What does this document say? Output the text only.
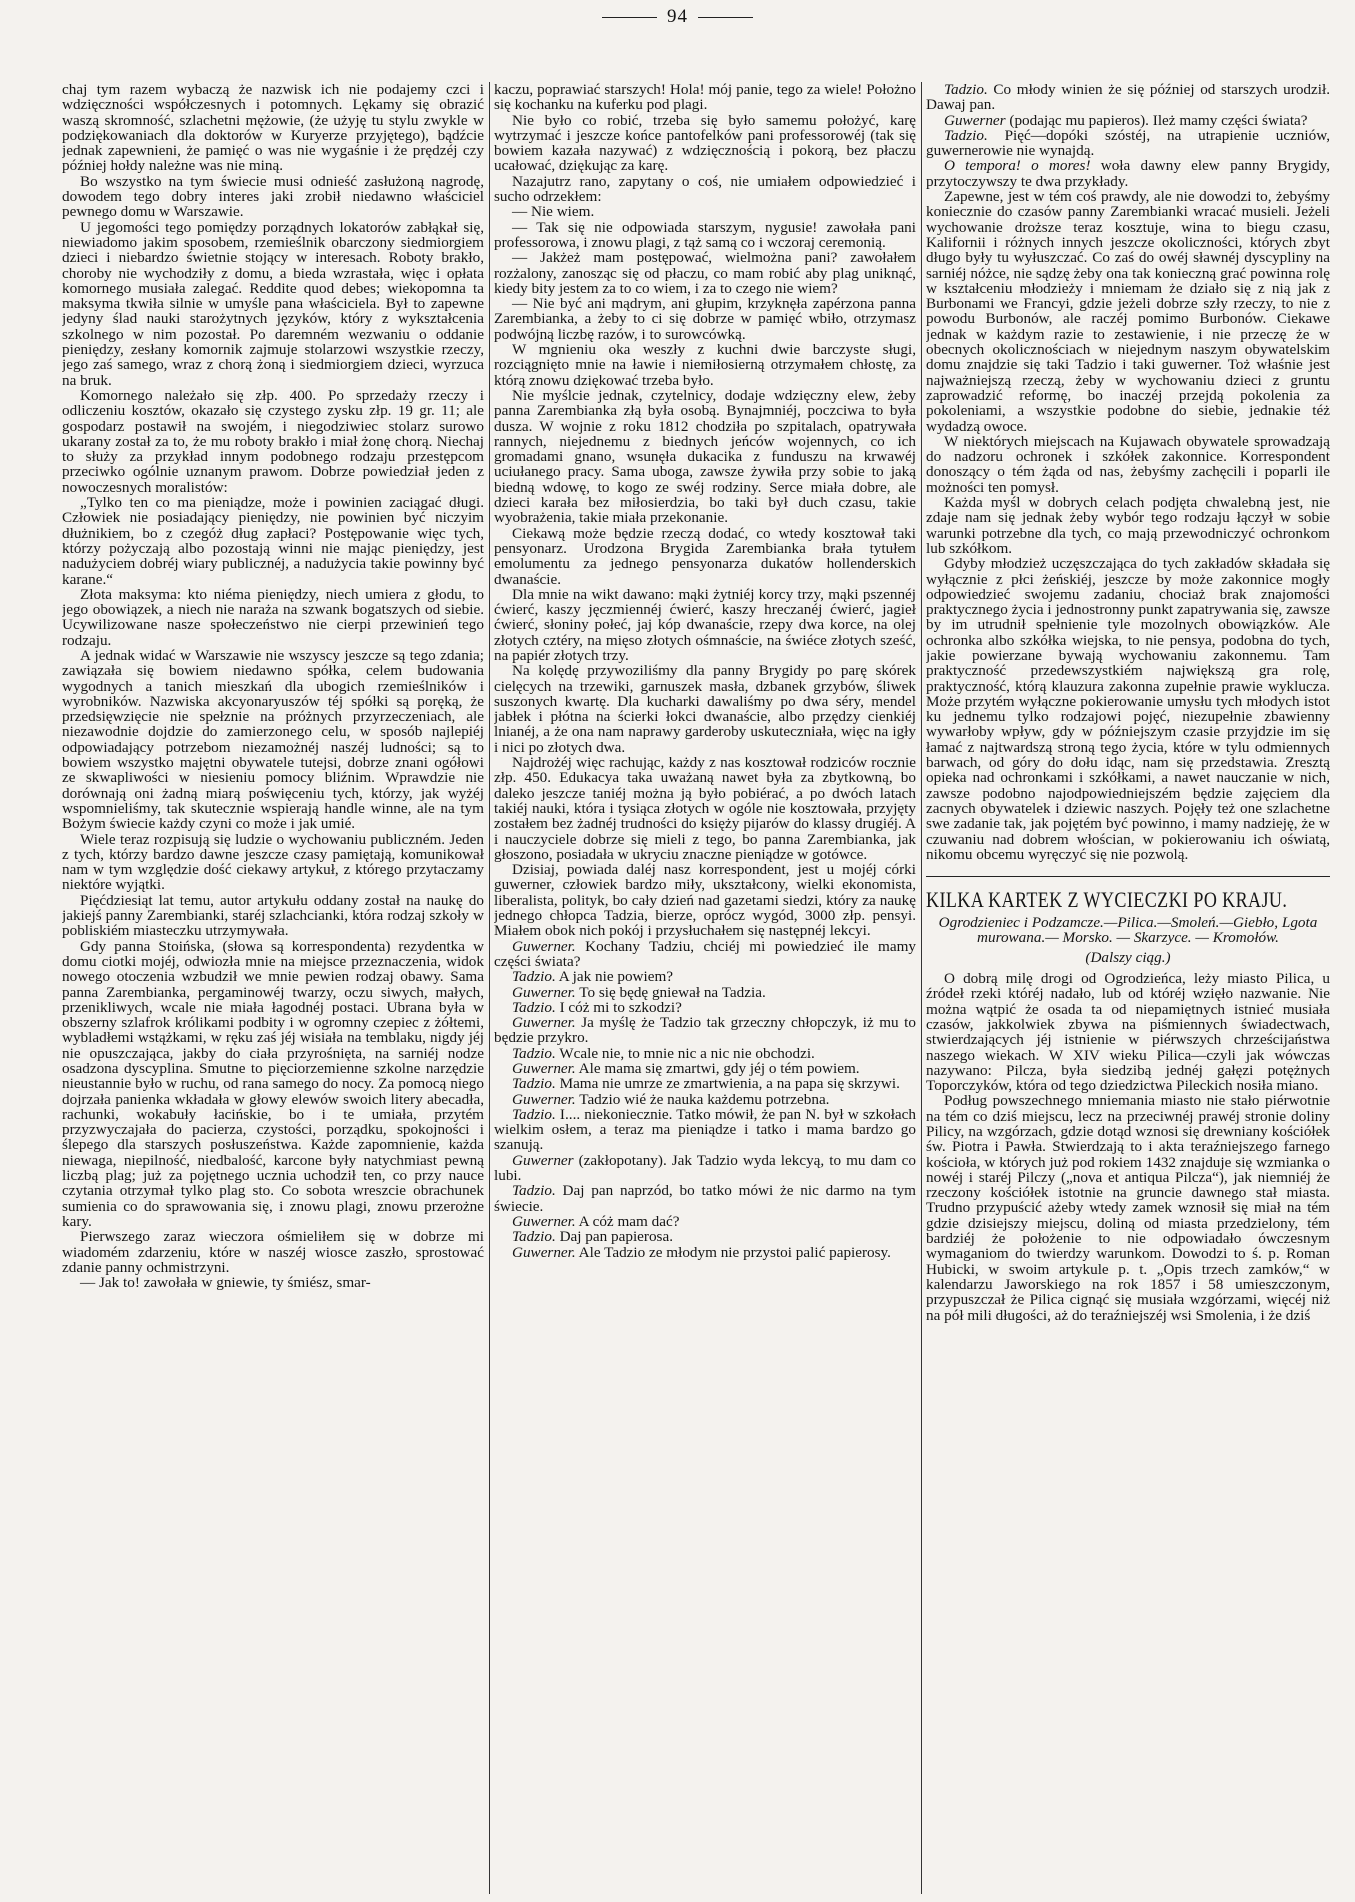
94

chaj tym razem wybaczą że nazwisk ich nie podajemy czci i wdzięczności współczesnych i potomnych. Lękamy się obrazić waszą skromność, szlachetni mężowie, (że użyję tu stylu zwykle w podziękowaniach dla doktorów w Kuryerze przyjętego), bądźcie jednak zapewnieni, że pamięć o was nie wygaśnie i że prędzéj czy później hołdy należne was nie miną.

Bo wszystko na tym świecie musi odnieść zasłużoną nagrodę, dowodem tego dobry interes jaki zrobił niedawno właściciel pewnego domu w Warszawie.

U jegomości tego pomiędzy porządnych lokatorów zabłąkał się, niewiadomo jakim sposobem, rzemieślnik obarczony siedmiorgiem dzieci i niebardzo świetnie stojący w interesach. Roboty brakło, choroby nie wychodziły z domu, a bieda wzrastała, więc i opłata komornego musiała zalegać. Reddite quod debes; wiekopomna ta maksyma tkwiła silnie w umyśle pana właściciela. Był to zapewne jedyny ślad nauki starożytnych języków, który z wykształcenia szkolnego w nim pozostał. Po daremném wezwaniu o oddanie pieniędzy, zesłany komornik zajmuje stolarzowi wszystkie rzeczy, jego zaś samego, wraz z chorą żoną i siedmiorgiem dzieci, wyrzuca na bruk.

Komornego należało się złp. 400. Po sprzedaży rzeczy i odliczeniu kosztów, okazało się czystego zysku złp. 19 gr. 11; ale gospodarz postawił na swojém, i niegodziwiec stolarz surowo ukarany został za to, że mu roboty brakło i miał żonę chorą. Niechaj to służy za przykład innym podobnego rodzaju przestępcom przeciwko ogólnie uznanym prawom. Dobrze powiedział jeden z nowoczesnych moralistów:

„Tylko ten co ma pieniądze, może i powinien zaciągać długi. Człowiek nie posiadający pieniędzy, nie powinien być niczyim dłużnikiem, bo z czegóż dług zapłaci? Postępowanie więc tych, którzy pożyczają albo pozostają winni nie mając pieniędzy, jest nadużyciem dobréj wiary publicznéj, a nadużycia takie powinny być karane.“

Złota maksyma: kto niéma pieniędzy, niech umiera z głodu, to jego obowiązek, a niech nie naraża na szwank bogatszych od siebie. Ucywilizowane nasze społeczeństwo nie cierpi przewinień tego rodzaju.

A jednak widać w Warszawie nie wszyscy jeszcze są tego zdania; zawiązała się bowiem niedawno spółka, celem budowania wygodnych a tanich mieszkań dla ubogich rzemieślników i wyrobników. Nazwiska akcyonaryuszów téj spółki są poręką, że przedsięwzięcie nie spełznie na próżnych przyrzeczeniach, ale niezawodnie dojdzie do zamierzonego celu, w sposób najlepiéj odpowiadający potrzebom niezamożnéj naszéj ludności; są to bowiem wszystko majętni obywatele tutejsi, dobrze znani ogółowi ze skwapliwości w niesieniu pomocy bliźnim. Wprawdzie nie dorównają oni żadną miarą poświęceniu tych, którzy, jak wyżéj wspomnieliśmy, tak skutecznie wspierają handle winne, ale na tym Bożym świecie każdy czyni co może i jak umié.

Wiele teraz rozpisują się ludzie o wychowaniu publiczném. Jeden z tych, którzy bardzo dawne jeszcze czasy pamiętają, komunikował nam w tym względzie dość ciekawy artykuł, z którego przytaczamy niektóre wyjątki.

Pięćdziesiąt lat temu, autor artykułu oddany został na naukę do jakiejś panny Zarembianki, staréj szlachcianki, która rodzaj szkoły w pobliskiém miasteczku utrzymywała.

Gdy panna Stoińska, (słowa są korrespondenta) rezydentka w domu ciotki mojéj, odwiozła mnie na miejsce przeznaczenia, widok nowego otoczenia wzbudził we mnie pewien rodzaj obawy. Sama panna Zarembianka, pergaminowéj twarzy, oczu siwych, małych, przenikliwych, wcale nie miała łagodnéj postaci. Ubrana była w obszerny szlafrok królikami podbity i w ogromny czepiec z żółtemi, wybladłemi wstążkami, w ręku zaś jéj wisiała na temblaku, nigdy jéj nie opuszczająca, jakby do ciała przyrośnięta, na sarniéj nodze osadzona dyscyplina. Smutne to pięciorzemienne szkolne narzędzie nieustannie było w ruchu, od rana samego do nocy. Za pomocą niego dojrzała panienka wkładała w głowy elewów swoich litery abecadła, rachunki, wokabuły łacińskie, bo i te umiała, przytém przyzwyczajała do pacierza, czystości, porządku, spokojności i ślepego dla starszych posłuszeństwa. Każde zapomnienie, każda niewaga, niepilność, niedbalość, karcone były natychmiast pewną liczbą plag; już za pojętnego ucznia uchodził ten, co przy nauce czytania otrzymał tylko plag sto. Co sobota wreszcie obrachunek sumienia co do sprawowania się, i znowu plagi, znowu przerożne kary.

Pierwszego zaraz wieczora ośmieliłem się w dobrze mi wiadomém zdarzeniu, które w naszéj wiosce zaszło, sprostować zdanie panny ochmistrzyni.

— Jak to! zawołała w gniewie, ty śmiész, smar-

kaczu, poprawiać starszych! Hola! mój panie, tego za wiele! Położno się kochanku na kuferku pod plagi.

Nie było co robić, trzeba się było samemu położyć, karę wytrzymać i jeszcze końce pantofelków pani professorowéj (tak się bowiem kazała nazywać) z wdzięcznością i pokorą, bez płaczu ucałować, dziękując za karę.

Nazajutrz rano, zapytany o coś, nie umiałem odpowiedzieć i sucho odrzekłem:

— Nie wiem.

— Tak się nie odpowiada starszym, nygusie! zawołała pani professorowa, i znowu plagi, z tąż samą co i wczoraj ceremonią.

— Jakżeż mam postępować, wielmożna pani? zawołałem rozżalony, zanosząc się od płaczu, co mam robić aby plag uniknąć, kiedy bity jestem za to co wiem, i za to czego nie wiem?

— Nie być ani mądrym, ani głupim, krzyknęła zapérzona panna Zarembianka, a żeby to ci się dobrze w pamięć wbiło, otrzymasz podwójną liczbę razów, i to surowcówką.

W mgnieniu oka weszły z kuchni dwie barczyste sługi, rozciągnięto mnie na ławie i niemiłosierną otrzymałem chłostę, za którą znowu dziękować trzeba było.

Nie myślcie jednak, czytelnicy, dodaje wdzięczny elew, żeby panna Zarembianka złą była osobą. Bynajmniéj, poczciwa to była dusza. W wojnie z roku 1812 chodziła po szpitalach, opatrywała rannych, niejednemu z biednych jeńców wojennych, co ich gromadami gnano, wsunęła dukacika z funduszu na krwawéj uciułanego pracy. Sama uboga, zawsze żywiła przy sobie to jaką biedną wdowę, to kogo ze swéj rodziny. Serce miała dobre, ale dzieci karała bez miłosierdzia, bo taki był duch czasu, takie wyobrażenia, takie miała przekonanie.

Ciekawą może będzie rzeczą dodać, co wtedy kosztował taki pensyonarz. Urodzona Brygida Zarembianka brała tytułem emolumentu za jednego pensyonarza dukatów hollenderskich dwanaście.

Dla mnie na wikt dawano: mąki żytniéj korcy trzy, mąki pszennéj ćwierć, kaszy jęczmiennéj ćwierć, kaszy hreczanéj ćwierć, jagieł ćwierć, słoniny połeć, jaj kóp dwanaście, rzepy dwa korce, na olej złotych cztéry, na mięso złotych ośmnaście, na świéce złotych sześć, na papiér złotych trzy.

Na kolędę przywoziliśmy dla panny Brygidy po parę skórek cielęcych na trzewiki, garnuszek masła, dzbanek grzybów, śliwek suszonych kwartę. Dla kucharki dawaliśmy po dwa séry, mendel jabłek i płótna na ścierki łokci dwanaście, albo przędzy cienkiéj lnianéj, a że ona nam naprawy garderoby uskuteczniała, więc na igły i nici po złotych dwa.

Najdrożéj więc rachując, każdy z nas kosztował rodziców rocznie złp. 450. Edukacya taka uważaną nawet była za zbytkowną, bo daleko jeszcze taniéj można ją było pobiérać, a po dwóch latach takiéj nauki, która i tysiąca złotych w ogóle nie kosztowała, przyjęty zostałem bez żadnéj trudności do księży pijarów do klassy drugiéj. A i nauczyciele dobrze się mieli z tego, bo panna Zarembianka, jak głoszono, posiadała w ukryciu znaczne pieniądze w gotówce.

Dzisiaj, powiada daléj nasz korrespondent, jest u mojéj córki guwerner, człowiek bardzo miły, ukształcony, wielki ekonomista, liberalista, polityk, bo cały dzień nad gazetami siedzi, który za naukę jednego chłopca Tadzia, bierze, oprócz wygód, 3000 złp. pensyi. Miałem obok nich pokój i przysłuchałem się następnéj lekcyi.

Guwerner. Kochany Tadziu, chciéj mi powiedzieć ile mamy części świata?

Tadzio. A jak nie powiem?

Guwerner. To się będę gniewał na Tadzia.

Tadzio. I cóż mi to szkodzi?

Guwerner. Ja myślę że Tadzio tak grzeczny chłopczyk, iż mu to będzie przykro.

Tadzio. Wcale nie, to mnie nic a nic nie obchodzi.

Guwerner. Ale mama się zmartwi, gdy jéj o tém powiem.

Tadzio. Mama nie umrze ze zmartwienia, a na papa się skrzywi.

Guwerner. Tadzio wié że nauka każdemu potrzebna.

Tadzio. I.... niekoniecznie. Tatko mówił, że pan N. był w szkołach wielkim osłem, a teraz ma pieniądze i tatko i mama bardzo go szanują.

Guwerner (zakłopotany). Jak Tadzio wyda lekcyą, to mu dam co lubi.

Tadzio. Daj pan naprzód, bo tatko mówi że nic darmo na tym świecie.

Guwerner. A cóż mam dać?

Tadzio. Daj pan papierosa.

Guwerner. Ale Tadzio ze młodym nie przystoi palić papierosy.

Tadzio. Co młody winien że się później od starszych urodził. Dawaj pan.

Guwerner (podając mu papieros). Ileż mamy części świata?

Tadzio. Pięć—dopóki szóstéj, na utrapienie uczniów, guwernerowie nie wynajdą.

O tempora! o mores! woła dawny elew panny Brygidy, przytoczywszy te dwa przykłady.

Zapewne, jest w tém coś prawdy, ale nie dowodzi to, żebyśmy koniecznie do czasów panny Zarembianki wracać musieli. Jeżeli wychowanie droższe teraz kosztuje, wina to biegu czasu, Kalifornii i różnych innych jeszcze okoliczności, których zbyt długo były tu wyłuszczać. Co zaś do owéj sławnéj dyscypliny na sarniéj nóżce, nie sądzę żeby ona tak konieczną grać powinna rolę w kształceniu młodzieży i mniemam że działo się z nią jak z Burbonami we Francyi, gdzie jeżeli dobrze szły rzeczy, to nie z powodu Burbonów, ale raczéj pomimo Burbonów. Ciekawe jednak w każdym razie to zestawienie, i nie przeczę że w obecnych okolicznościach w niejednym naszym obywatelskim domu znajdzie się taki Tadzio i taki guwerner. Toż właśnie jest najważniejszą rzeczą, żeby w wychowaniu dzieci z gruntu zaprowadzić reformę, bo inaczéj przejdą pokolenia za pokoleniami, a wszystkie podobne do siebie, jednakie téż wydadzą owoce.

W niektórych miejscach na Kujawach obywatele sprowadzają do nadzoru ochronek i szkółek zakonnice. Korrespondent donoszący o tém żąda od nas, żebyśmy zachęcili i poparli ile możności ten pomysł.

Każda myśl w dobrych celach podjęta chwalebną jest, nie zdaje nam się jednak żeby wybór tego rodzaju łączył w sobie warunki potrzebne dla tych, co mają przewodniczyć ochronkom lub szkółkom.

Gdyby młodzież uczęszczająca do tych zakładów składała się wyłącznie z płci żeńskiéj, jeszcze by może zakonnice mogły odpowiedzieć swojemu zadaniu, chociaż brak znajomości praktycznego życia i jednostronny punkt zapatrywania się, zawsze by im utrudnił spełnienie tyle mozolnych obowiązków. Ale ochronka albo szkółka wiejska, to nie pensya, podobna do tych, jakie powierzane bywają wychowaniu zakonnemu. Tam praktyczność przedewszystkiém największą gra rolę, praktyczność, którą klauzura zakonna zupełnie prawie wyklucza. Może przytém wyłączne pokierowanie umysłu tych młodych istot ku jednemu tylko rodzajowi pojęć, niezupełnie zbawienny wywarłoby wpływ, gdy w późniejszym czasie przyjdzie im się łamać z najtwardszą stroną tego życia, które w tylu odmiennych barwach, od góry do dołu idąc, nam się przedstawia. Zresztą opieka nad ochronkami i szkółkami, a nawet nauczanie w nich, zawsze podobno najodpowiedniejszém będzie zajęciem dla zacnych obywatelek i dziewic naszych. Pojęły też one szlachetne swe zadanie tak, jak pojętém być powinno, i mamy nadzieję, że w czuwaniu nad dobrem włościan, w pokierowaniu ich oświatą, nikomu obcemu wyręczyć się nie pozwolą.

KILKA KARTEK Z WYCIECZKI PO KRAJU.

Ogrodzieniec i Podzamcze.—Pilica.—Smoleń.—Giebło, Lgota murowana.— Morsko. — Skarzyce. — Kromołów.

(Dalszy ciąg.)

O dobrą milę drogi od Ogrodzieńca, leży miasto Pilica, u źródeł rzeki któréj nadało, lub od któréj wzięło nazwanie. Nie można wątpić że osada ta od niepamiętnych istnieć musiała czasów, jakkolwiek zbywa na piśmiennych świadectwach, stwierdzających jéj istnienie w piérwszych chrześcijaństwa naszego wiekach. W XIV wieku Pilica—czyli jak wówczas nazywano: Pilcza, była siedzibą jednéj gałęzi potężnych Toporczyków, która od tego dziedzictwa Pileckich nosiła miano.

Podług powszechnego mniemania miasto nie stało piérwotnie na tém co dziś miejscu, lecz na przeciwnéj prawéj stronie doliny Pilicy, na wzgórzach, gdzie dotąd wznosi się drewniany kościółek św. Piotra i Pawła. Stwierdzają to i akta teraźniejszego farnego kościoła, w których już pod rokiem 1432 znajduje się wzmianka o nowéj i staréj Pilczy („nova et antiqua Pilcza“), jak niemniéj że rzeczony kościółek istotnie na gruncie dawnego stał miasta. Trudno przypuścić ażeby wtedy zamek wznosił się miał na tém gdzie dzisiejszy miejscu, doliną od miasta przedzielony, tém bardziéj że położenie to nie odpowiadało ówczesnym wymaganiom do twierdzy warunkom. Dowodzi to ś. p. Roman Hubicki, w swoim artykule p. t. „Opis trzech zamków,“ w kalendarzu Jaworskiego na rok 1857 i 58 umieszczonym, przypuszczał że Pilica cignąć się musiała wzgórzami, więcéj niż na pół mili długości, aż do teraźniejszéj wsi Smolenia, i że dziś
